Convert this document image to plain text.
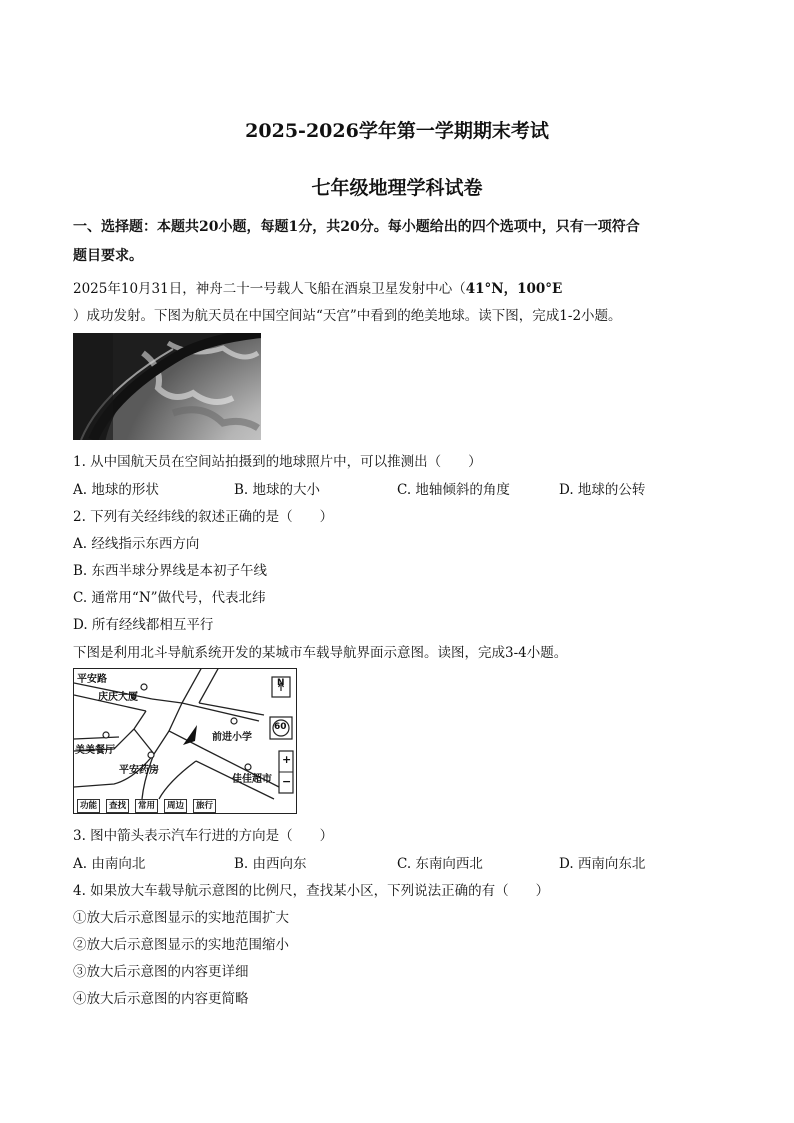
2025-2026学年第一学期期末考试
七年级地理学科试卷
一、选择题：本题共20小题，每题1分，共20分。每小题给出的四个选项中，只有一项符合
题目要求。
2025年10月31日，神舟二十一号载人飞船在酒泉卫星发射中心（41°N，100°E
）成功发射。下图为航天员在中国空间站“天宫”中看到的绝美地球。读下图，完成1-2小题。
1. 从中国航天员在空间站拍摄到的地球照片中，可以推测出（　　）
A. 地球的形状	B. 地球的大小	C. 地轴倾斜的角度	D. 地球的公转
2. 下列有关经纬线的叙述正确的是（　　）
A. 经线指示东西方向
B. 东西半球分界线是本初子午线
C. 通常用“N”做代号，代表北纬
D. 所有经线都相互平行
下图是利用北斗导航系统开发的某城市车载导航界面示意图。读图，完成3-4小题。
平安路
庆庆大厦
前进小学
美美餐厅
平安药房
佳佳超市
N
60
+
−
功能	查找	常用	周边	旅行
3. 图中箭头表示汽车行进的方向是（　　）
A. 由南向北	B. 由西向东	C. 东南向西北	D. 西南向东北
4. 如果放大车载导航示意图的比例尺，查找某小区，下列说法正确的有（　　）
①放大后示意图显示的实地范围扩大
②放大后示意图显示的实地范围缩小
③放大后示意图的内容更详细
④放大后示意图的内容更简略
